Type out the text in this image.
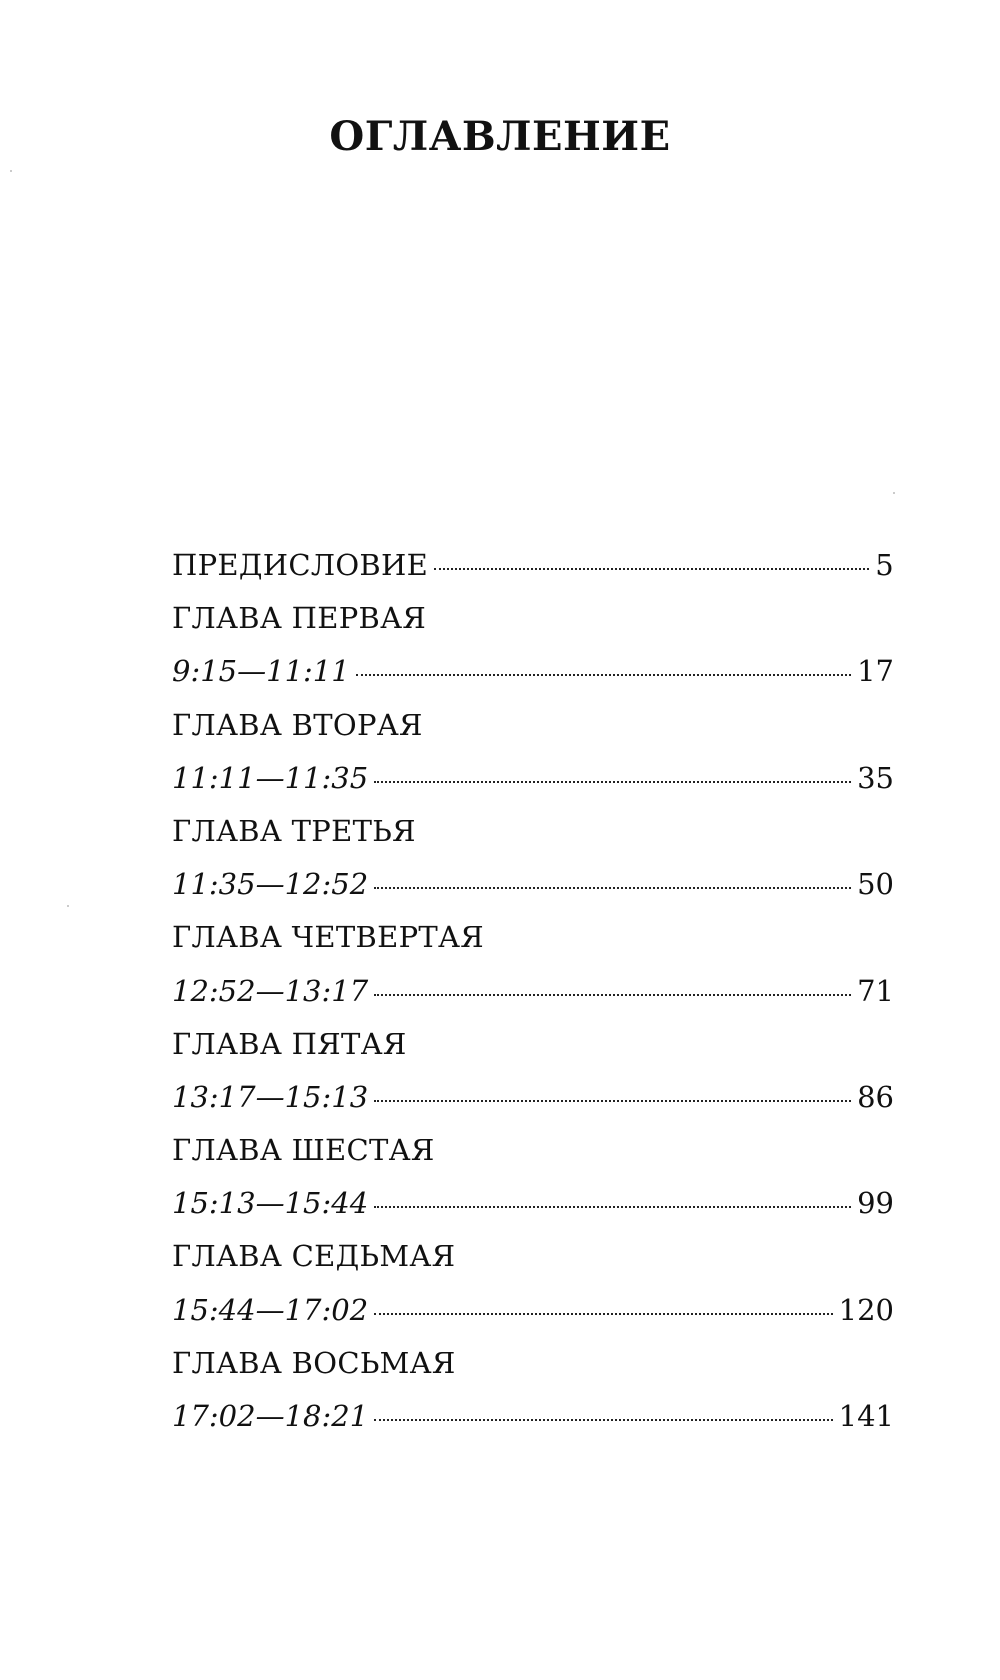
ОГЛАВЛЕНИЕ
ПРЕДИСЛОВИЕ	5
ГЛАВА ПЕРВАЯ
9:15—11:11	17
ГЛАВА ВТОРАЯ
11:11—11:35	35
ГЛАВА ТРЕТЬЯ
11:35—12:52	50
ГЛАВА ЧЕТВЕРТАЯ
12:52—13:17	71
ГЛАВА ПЯТАЯ
13:17—15:13	86
ГЛАВА ШЕСТАЯ
15:13—15:44	99
ГЛАВА СЕДЬМАЯ
15:44—17:02	120
ГЛАВА ВОСЬМАЯ
17:02—18:21	141
